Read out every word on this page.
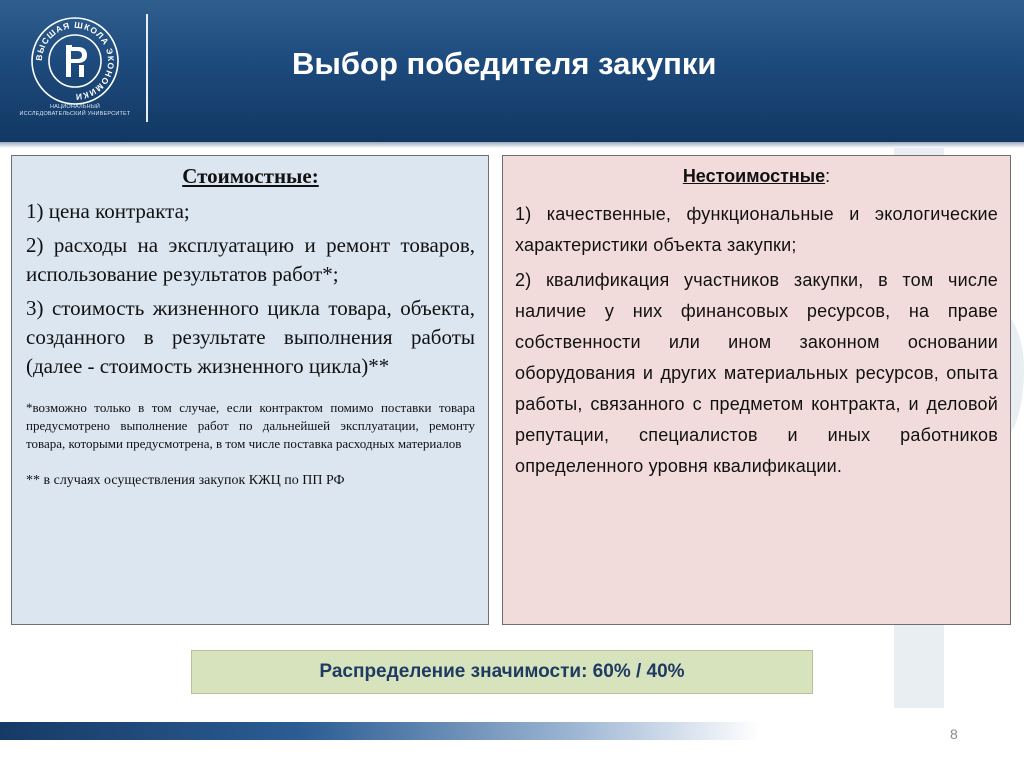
ВЫСШАЯ ШКОЛА ЭКОНОМИКИ
НАЦИОНАЛЬНЫЙ ИССЛЕДОВАТЕЛЬСКИЙ УНИВЕРСИТЕТ
Выбор победителя закупки
Стоимостные:
1) цена контракта;
2) расходы на эксплуатацию и ремонт товаров, использование результатов работ*;
3) стоимость жизненного цикла товара, объекта, созданного в результате выполнения работы (далее - стоимость жизненного цикла)**
*возможно только в том случае, если контрактом помимо поставки товара предусмотрено выполнение работ по дальнейшей эксплуатации, ремонту товара, которыми предусмотрена, в том числе поставка расходных материалов
** в случаях осуществления закупок КЖЦ по ПП РФ
Нестоимостные:
1) качественные, функциональные и экологические характеристики объекта закупки;
2) квалификация участников закупки, в том числе наличие у них финансовых ресурсов, на праве собственности или ином законном основании оборудования и других материальных ресурсов, опыта работы, связанного с предметом контракта, и деловой репутации, специалистов и иных работников определенного уровня квалификации.
Распределение значимости: 60% / 40%
8
